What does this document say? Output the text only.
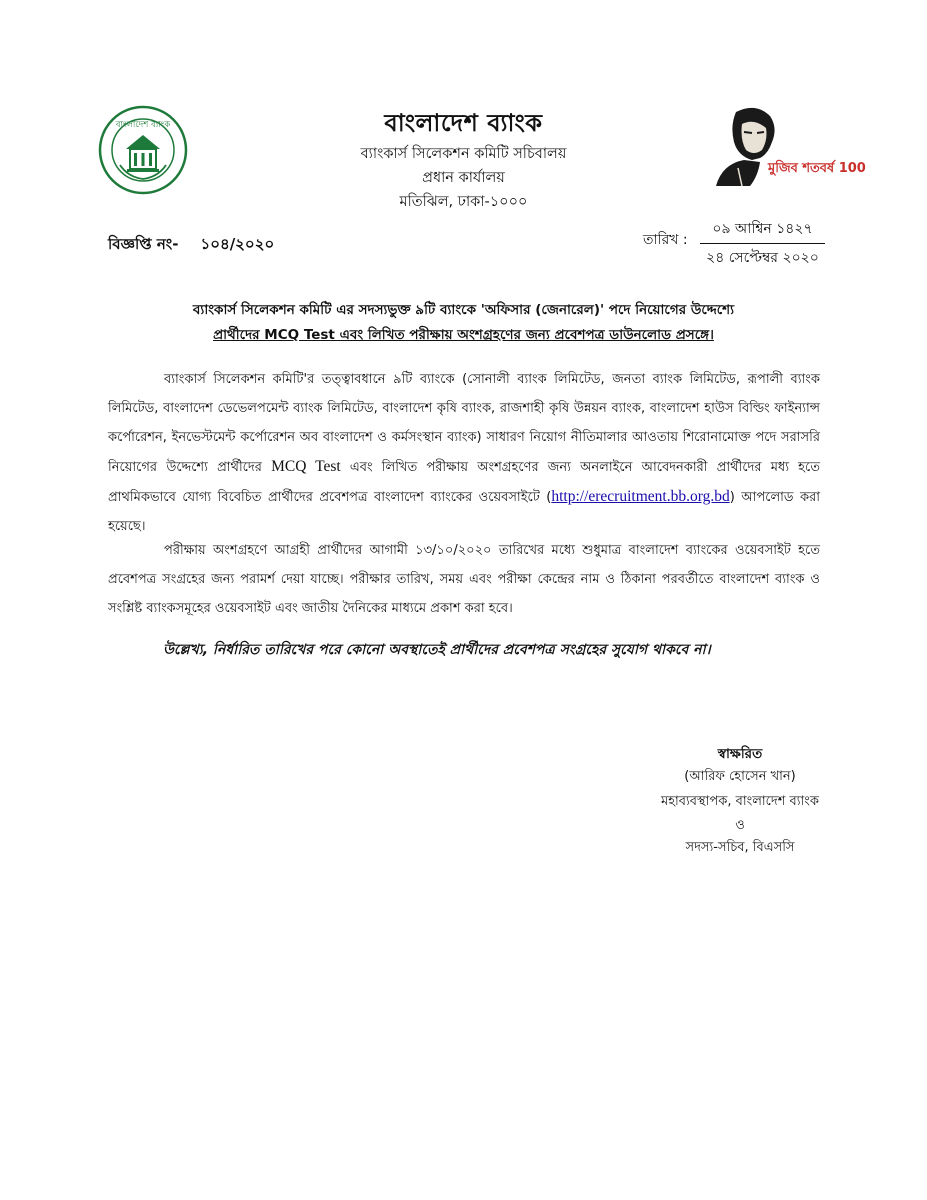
বাংলাদেশ ব্যাংক
মুজিব শতবর্ষ 100
বাংলাদেশ ব্যাংক
ব্যাংকার্স সিলেকশন কমিটি সচিবালয়
প্রধান কার্যালয়
মতিঝিল, ঢাকা-১০০০
বিজ্ঞপ্তি নং- ১০৪/২০২০	তারিখ :
০৯ আশ্বিন ১৪২৭
২৪ সেপ্টেম্বর ২০২০
ব্যাংকার্স সিলেকশন কমিটি এর সদস্যভুক্ত ৯টি ব্যাংকে 'অফিসার (জেনারেল)' পদে নিয়োগের উদ্দেশ্যে
প্রার্থীদের MCQ Test এবং লিখিত পরীক্ষায় অংশগ্রহণের জন্য প্রবেশপত্র ডাউনলোড প্রসঙ্গে।
ব্যাংকার্স সিলেকশন কমিটি'র তত্ত্বাবধানে ৯টি ব্যাংকে (সোনালী ব্যাংক লিমিটেড, জনতা ব্যাংক লিমিটেড, রূপালী ব্যাংক লিমিটেড, বাংলাদেশ ডেভেলপমেন্ট ব্যাংক লিমিটেড, বাংলাদেশ কৃষি ব্যাংক, রাজশাহী কৃষি উন্নয়ন ব্যাংক, বাংলাদেশ হাউস বিল্ডিং ফাইন্যান্স কর্পোরেশন, ইনভেস্টমেন্ট কর্পোরেশন অব বাংলাদেশ ও কর্মসংস্থান ব্যাংক) সাধারণ নিয়োগ নীতিমালার আওতায় শিরোনামোক্ত পদে সরাসরি নিয়োগের উদ্দেশ্যে প্রার্থীদের MCQ Test এবং লিখিত পরীক্ষায় অংশগ্রহণের জন্য অনলাইনে আবেদনকারী প্রার্থীদের মধ্য হতে প্রাথমিকভাবে যোগ্য বিবেচিত প্রার্থীদের প্রবেশপত্র বাংলাদেশ ব্যাংকের ওয়েবসাইটে (http://erecruitment.bb.org.bd) আপলোড করা হয়েছে।
পরীক্ষায় অংশগ্রহণে আগ্রহী প্রার্থীদের আগামী ১৩/১০/২০২০ তারিখের মধ্যে শুধুমাত্র বাংলাদেশ ব্যাংকের ওয়েবসাইট হতে প্রবেশপত্র সংগ্রহের জন্য পরামর্শ দেয়া যাচ্ছে। পরীক্ষার তারিখ, সময় এবং পরীক্ষা কেন্দ্রের নাম ও ঠিকানা পরবর্তীতে বাংলাদেশ ব্যাংক ও সংশ্লিষ্ট ব্যাংকসমূহের ওয়েবসাইট এবং জাতীয় দৈনিকের মাধ্যমে প্রকাশ করা হবে।
উল্লেখ্য, নির্ধারিত তারিখের পরে কোনো অবস্থাতেই প্রার্থীদের প্রবেশপত্র সংগ্রহের সুযোগ থাকবে না।
স্বাক্ষরিত
(আরিফ হোসেন খান)
মহাব্যবস্থাপক, বাংলাদেশ ব্যাংক
ও
সদস্য-সচিব, বিএসসি
